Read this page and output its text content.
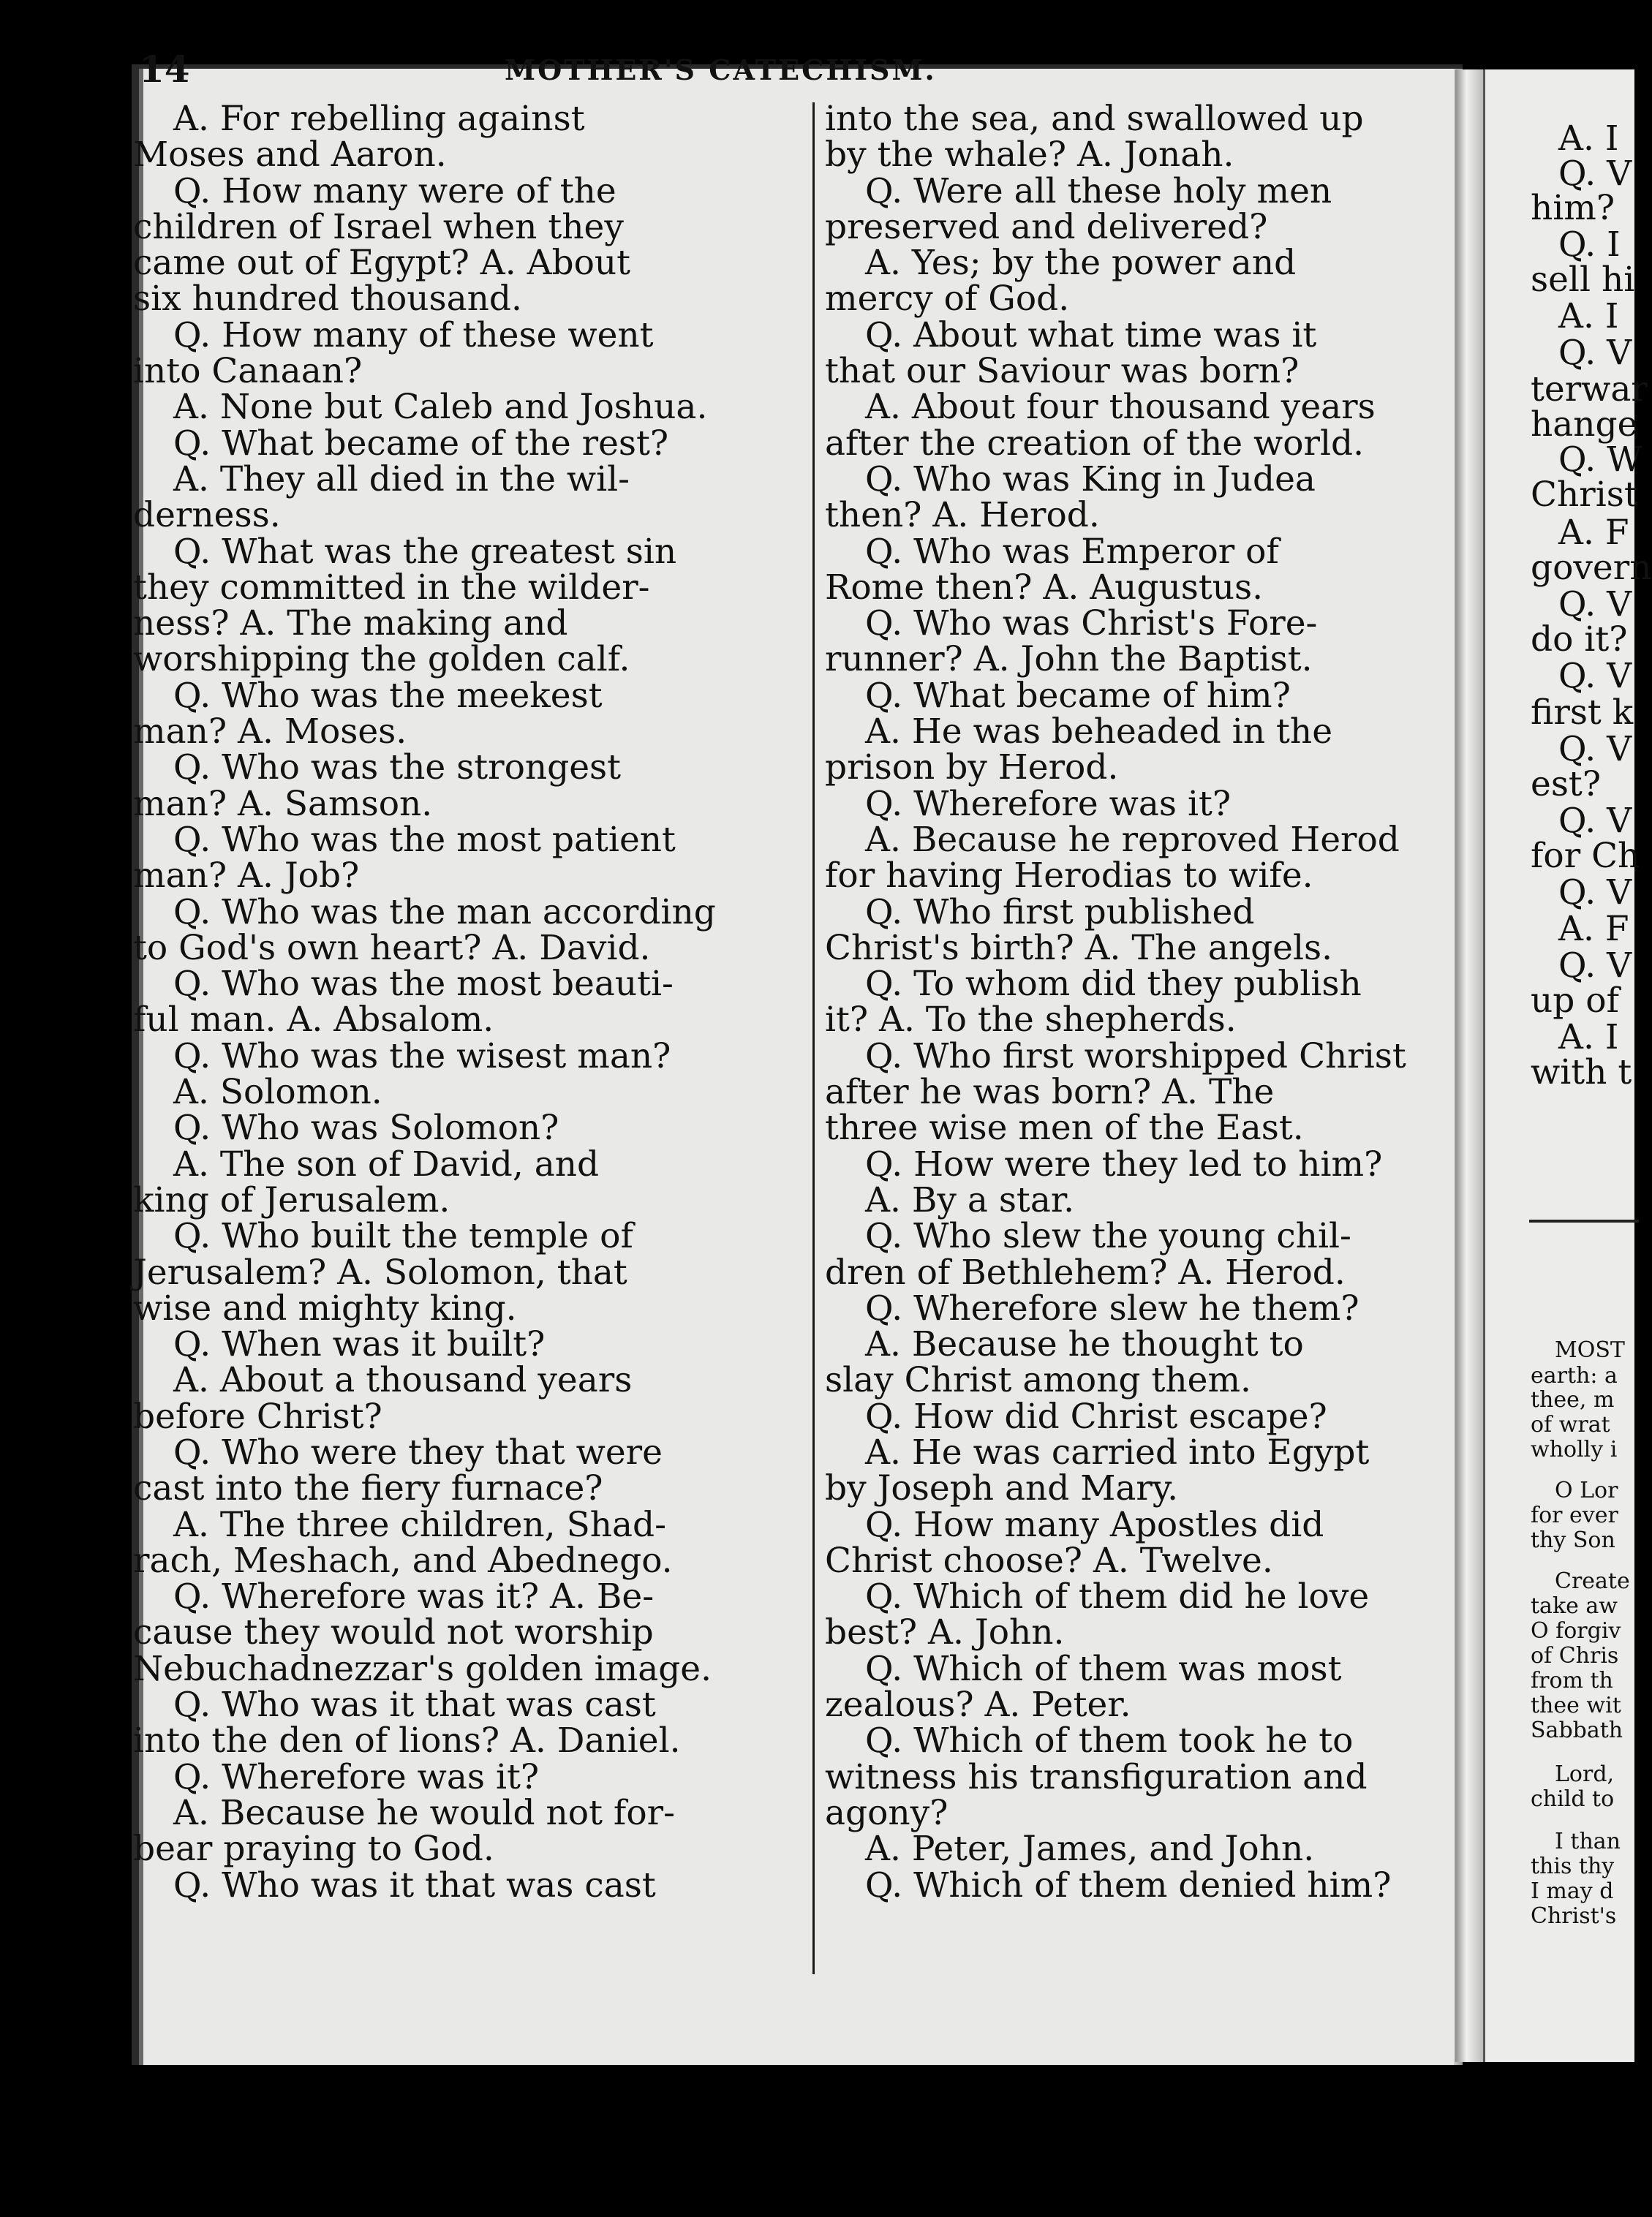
14	MOTHER'S CATECHISM.
A. For rebelling against
Moses and Aaron.
Q. How many were of the
children of Israel when they
came out of Egypt? A. About
six hundred thousand.
Q. How many of these went
into Canaan?
A. None but Caleb and Joshua.
Q. What became of the rest?
A. They all died in the wil-
derness.
Q. What was the greatest sin
they committed in the wilder-
ness? A. The making and
worshipping the golden calf.
Q. Who was the meekest
man? A. Moses.
Q. Who was the strongest
man? A. Samson.
Q. Who was the most patient
man? A. Job?
Q. Who was the man according
to God's own heart? A. David.
Q. Who was the most beauti-
ful man. A. Absalom.
Q. Who was the wisest man?
A. Solomon.
Q. Who was Solomon?
A. The son of David, and
king of Jerusalem.
Q. Who built the temple of
Jerusalem? A. Solomon, that
wise and mighty king.
Q. When was it built?
A. About a thousand years
before Christ?
Q. Who were they that were
cast into the fiery furnace?
A. The three children, Shad-
rach, Meshach, and Abednego.
Q. Wherefore was it? A. Be-
cause they would not worship
Nebuchadnezzar's golden image.
Q. Who was it that was cast
into the den of lions? A. Daniel.
Q. Wherefore was it?
A. Because he would not for-
bear praying to God.
Q. Who was it that was cast
into the sea, and swallowed up
by the whale? A. Jonah.
Q. Were all these holy men
preserved and delivered?
A. Yes; by the power and
mercy of God.
Q. About what time was it
that our Saviour was born?
A. About four thousand years
after the creation of the world.
Q. Who was King in Judea
then? A. Herod.
Q. Who was Emperor of
Rome then? A. Augustus.
Q. Who was Christ's Fore-
runner? A. John the Baptist.
Q. What became of him?
A. He was beheaded in the
prison by Herod.
Q. Wherefore was it?
A. Because he reproved Herod
for having Herodias to wife.
Q. Who first published
Christ's birth? A. The angels.
Q. To whom did they publish
it? A. To the shepherds.
Q. Who first worshipped Christ
after he was born? A. The
three wise men of the East.
Q. How were they led to him?
A. By a star.
Q. Who slew the young chil-
dren of Bethlehem? A. Herod.
Q. Wherefore slew he them?
A. Because he thought to
slay Christ among them.
Q. How did Christ escape?
A. He was carried into Egypt
by Joseph and Mary.
Q. How many Apostles did
Christ choose? A. Twelve.
Q. Which of them did he love
best? A. John.
Q. Which of them was most
zealous? A. Peter.
Q. Which of them took he to
witness his transfiguration and
agony?
A. Peter, James, and John.
Q. Which of them denied him?
A. I
Q. V
him?
Q. I
sell hi
A. I
Q. V
terwar
hange
Q. W
Christ
A. F
govern
Q. V
do it?
Q. V
first k
Q. V
est?
Q. V
for Ch
Q. V
A. F
Q. V
up of
A. I
with t
MOST
earth: a
thee, m
of wrat
wholly i
O Lor
for ever
thy Son
Create
take aw
O forgiv
of Chris
from th
thee wit
Sabbath
Lord,
child to
I than
this thy
I may d
Christ's
